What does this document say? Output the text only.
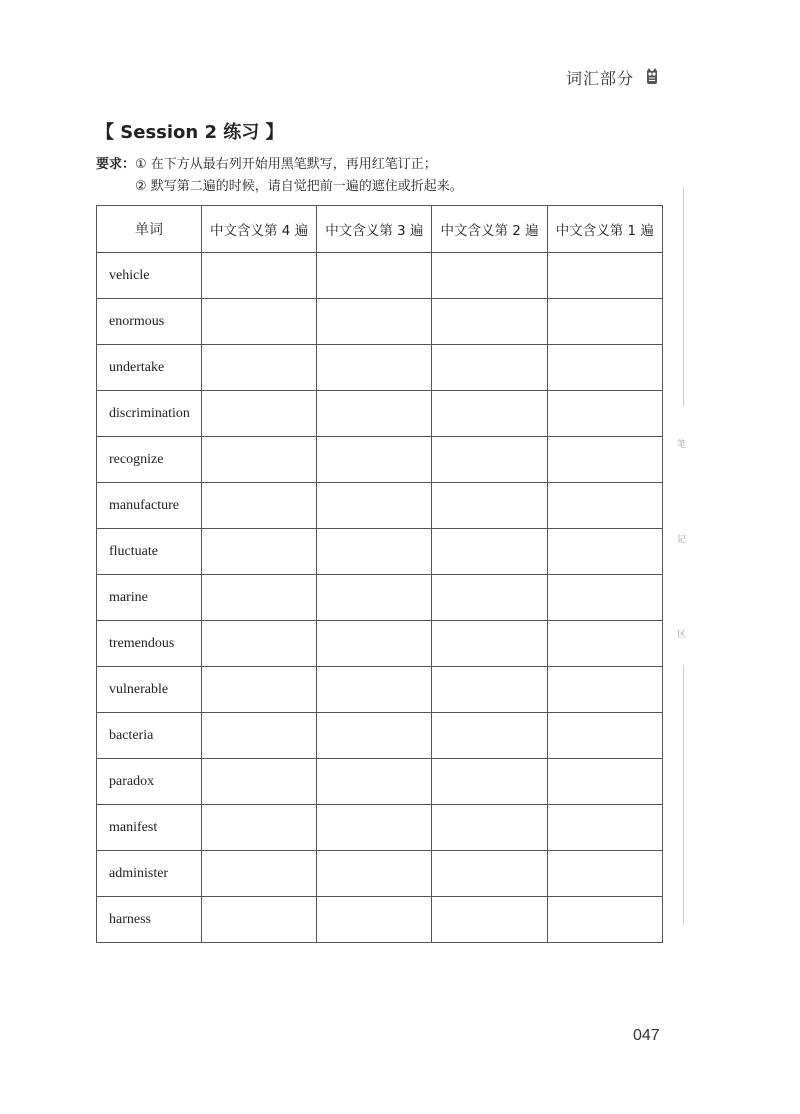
词汇部分
【 Session 2 练习 】
要求：① 在下方从最右列开始用黑笔默写，再用红笔订正；
② 默写第二遍的时候，请自觉把前一遍的遮住或折起来。
单词	中文含义第 4 遍	中文含义第 3 遍	中文含义第 2 遍	中文含义第 1 遍
vehicle				
enormous				
undertake				
discrimination				
recognize				
manufacture				
fluctuate				
marine				
tremendous				
vulnerable				
bacteria				
paradox				
manifest				
administer				
harness				
笔
记
区
047
